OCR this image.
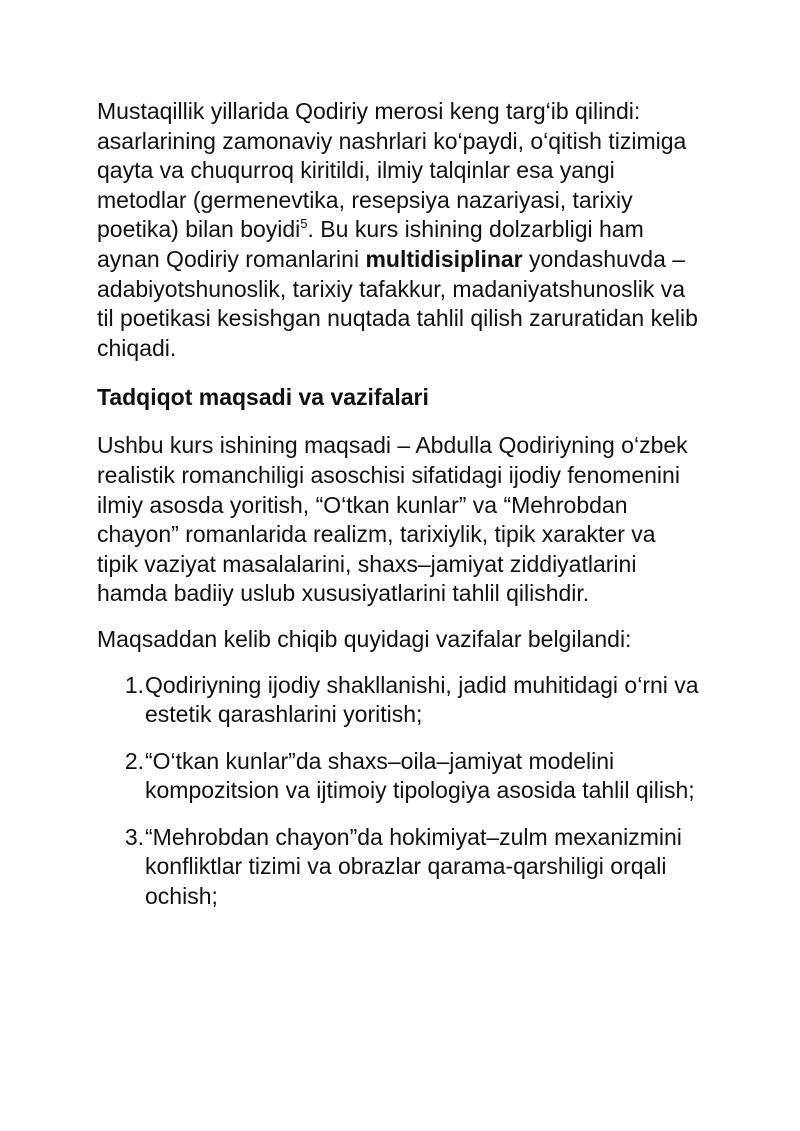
Mustaqillik yillarida Qodiriy merosi keng targ‘ib qilindi: asarlarining zamonaviy nashrlari ko‘paydi, o‘qitish tizimiga qayta va chuqurroq kiritildi, ilmiy talqinlar esa yangi metodlar (germenevtika, resepsiya nazariyasi, tarixiy poetika) bilan boyidi$^5$. Bu kurs ishining dolzarbligi ham aynan Qodiriy romanlarini multidisiplinar yondashuvda – adabiyotshunoslik, tarixiy tafakkur, madaniyatshunoslik va til poetikasi kesishgan nuqtada tahlil qilish zaruratidan kelib chiqadi.

Tadqiqot maqsadi va vazifalari

Ushbu kurs ishining maqsadi – Abdulla Qodiriyning o‘zbek realistik romanchiligi asoschisi sifatidagi ijodiy fenomenini ilmiy asosda yoritish, “O‘tkan kunlar” va “Mehrobdan chayon” romanlarida realizm, tarixiylik, tipik xarakter va tipik vaziyat masalalarini, shaxs–jamiyat ziddiyatlarini hamda badiiy uslub xususiyatlarini tahlil qilishdir.

Maqsaddan kelib chiqib quyidagi vazifalar belgilandi:

1. Qodiriyning ijodiy shakllanishi, jadid muhitidagi o‘rni va estetik qarashlarini yoritish;
2. “O‘tkan kunlar”da shaxs–oila–jamiyat modelini kompozitsion va ijtimoiy tipologiya asosida tahlil qilish;
3. “Mehrobdan chayon”da hokimiyat–zulm mexanizmini konfliktlar tizimi va obrazlar qarama-qarshiligi orqali ochish;
